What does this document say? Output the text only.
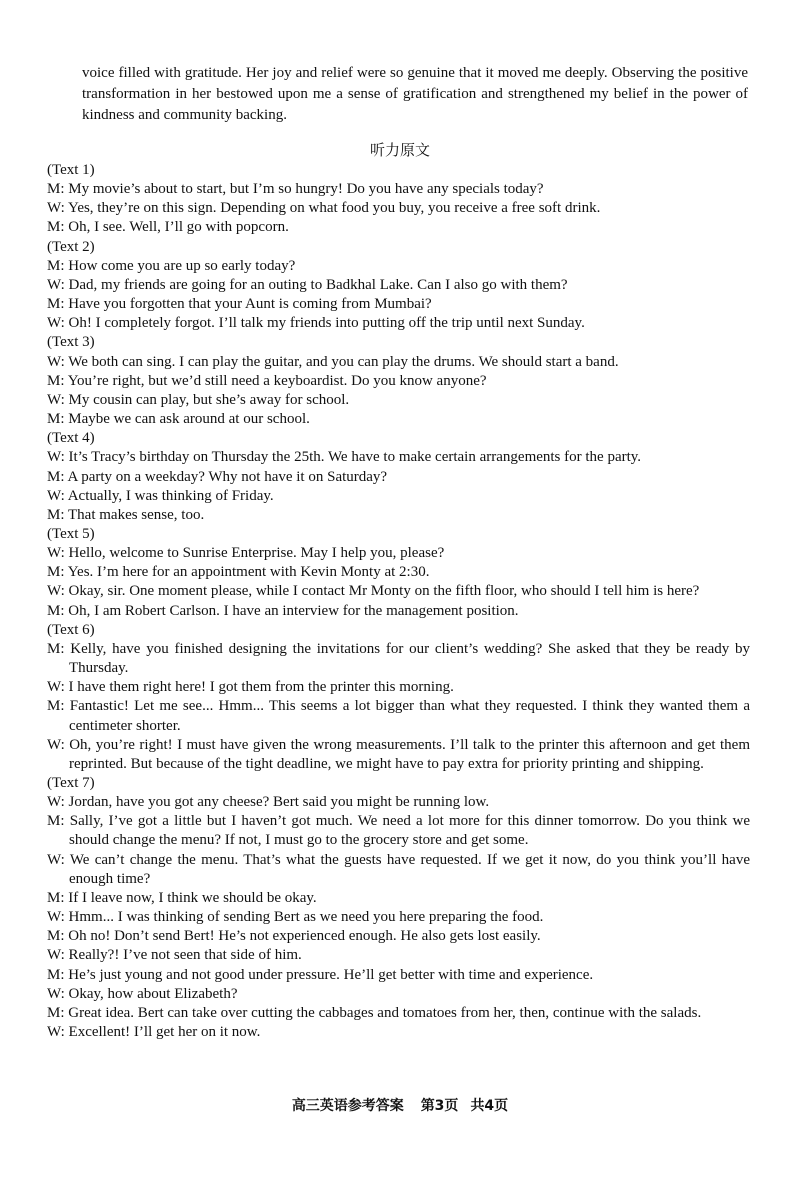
voice filled with gratitude. Her joy and relief were so genuine that it moved me deeply. Observing the positive transformation in her bestowed upon me a sense of gratification and strengthened my belief in the power of kindness and community backing.

听力原文
(Text 1)
M: My movie’s about to start, but I’m so hungry! Do you have any specials today?
W: Yes, they’re on this sign. Depending on what food you buy, you receive a free soft drink.
M: Oh, I see. Well, I’ll go with popcorn.
(Text 2)
M: How come you are up so early today?
W: Dad, my friends are going for an outing to Badkhal Lake. Can I also go with them?
M: Have you forgotten that your Aunt is coming from Mumbai?
W: Oh! I completely forgot. I’ll talk my friends into putting off the trip until next Sunday.
(Text 3)
W: We both can sing. I can play the guitar, and you can play the drums. We should start a band.
M: You’re right, but we’d still need a keyboardist. Do you know anyone?
W: My cousin can play, but she’s away for school.
M: Maybe we can ask around at our school.
(Text 4)
W: It’s Tracy’s birthday on Thursday the 25th. We have to make certain arrangements for the party.
M: A party on a weekday? Why not have it on Saturday?
W: Actually, I was thinking of Friday.
M: That makes sense, too.
(Text 5)
W: Hello, welcome to Sunrise Enterprise. May I help you, please?
M: Yes. I’m here for an appointment with Kevin Monty at 2:30.
W: Okay, sir. One moment please, while I contact Mr Monty on the fifth floor, who should I tell him is here?
M: Oh, I am Robert Carlson. I have an interview for the management position.
(Text 6)
M: Kelly, have you finished designing the invitations for our client’s wedding? She asked that they be ready by Thursday.
W: I have them right here! I got them from the printer this morning.
M: Fantastic! Let me see... Hmm... This seems a lot bigger than what they requested. I think they wanted them a centimeter shorter.
W: Oh, you’re right! I must have given the wrong measurements. I’ll talk to the printer this afternoon and get them reprinted. But because of the tight deadline, we might have to pay extra for priority printing and shipping.
(Text 7)
W: Jordan, have you got any cheese? Bert said you might be running low.
M: Sally, I’ve got a little but I haven’t got much. We need a lot more for this dinner tomorrow. Do you think we should change the menu? If not, I must go to the grocery store and get some.
W: We can’t change the menu. That’s what the guests have requested. If we get it now, do you think you’ll have enough time?
M: If I leave now, I think we should be okay.
W: Hmm... I was thinking of sending Bert as we need you here preparing the food.
M: Oh no! Don’t send Bert! He’s not experienced enough. He also gets lost easily.
W: Really?! I’ve not seen that side of him.
M: He’s just young and not good under pressure. He’ll get better with time and experience.
W: Okay, how about Elizabeth?
M: Great idea. Bert can take over cutting the cabbages and tomatoes from her, then, continue with the salads.
W: Excellent! I’ll get her on it now.
高三英语参考答案 第3页 共4页
